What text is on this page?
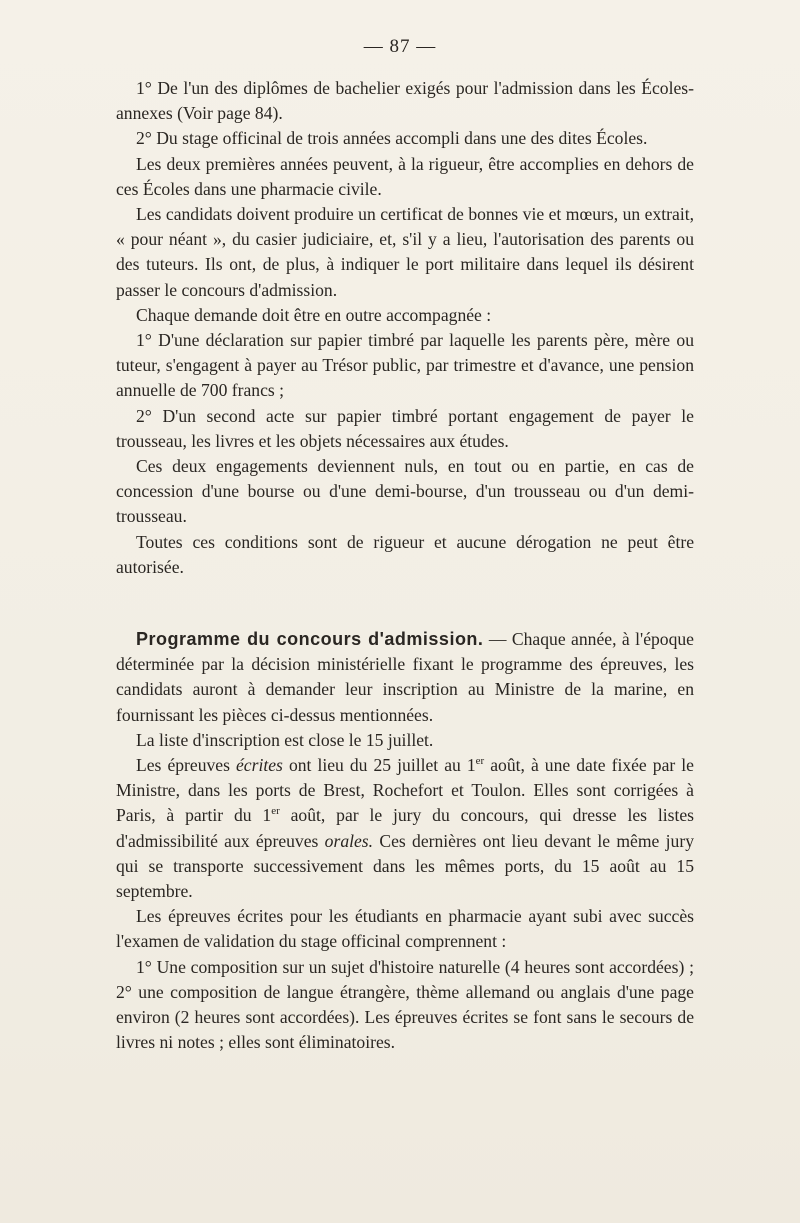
— 87 —

1° De l'un des diplômes de bachelier exigés pour l'admission dans les Écoles-annexes (Voir page 84).

2° Du stage officinal de trois années accompli dans une des dites Écoles.

Les deux premières années peuvent, à la rigueur, être accomplies en dehors de ces Écoles dans une pharmacie civile.

Les candidats doivent produire un certificat de bonnes vie et mœurs, un extrait, « pour néant », du casier judiciaire, et, s'il y a lieu, l'autorisation des parents ou des tuteurs. Ils ont, de plus, à indiquer le port militaire dans lequel ils désirent passer le concours d'admission.

Chaque demande doit être en outre accompagnée :

1° D'une déclaration sur papier timbré par laquelle les parents père, mère ou tuteur, s'engagent à payer au Trésor public, par trimestre et d'avance, une pension annuelle de 700 francs ;

2° D'un second acte sur papier timbré portant engagement de payer le trousseau, les livres et les objets nécessaires aux études.

Ces deux engagements deviennent nuls, en tout ou en partie, en cas de concession d'une bourse ou d'une demi-bourse, d'un trousseau ou d'un demi-trousseau.

Toutes ces conditions sont de rigueur et aucune dérogation ne peut être autorisée.

Programme du concours d'admission. — Chaque année, à l'époque déterminée par la décision ministérielle fixant le programme des épreuves, les candidats auront à demander leur inscription au Ministre de la marine, en fournissant les pièces ci-dessus mentionnées.

La liste d'inscription est close le 15 juillet.

Les épreuves écrites ont lieu du 25 juillet au 1er août, à une date fixée par le Ministre, dans les ports de Brest, Rochefort et Toulon. Elles sont corrigées à Paris, à partir du 1er août, par le jury du concours, qui dresse les listes d'admissibilité aux épreuves orales. Ces dernières ont lieu devant le même jury qui se transporte successivement dans les mêmes ports, du 15 août au 15 septembre.

Les épreuves écrites pour les étudiants en pharmacie ayant subi avec succès l'examen de validation du stage officinal comprennent :

1° Une composition sur un sujet d'histoire naturelle (4 heures sont accordées) ; 2° une composition de langue étrangère, thème allemand ou anglais d'une page environ (2 heures sont accordées). Les épreuves écrites se font sans le secours de livres ni notes ; elles sont éliminatoires.
